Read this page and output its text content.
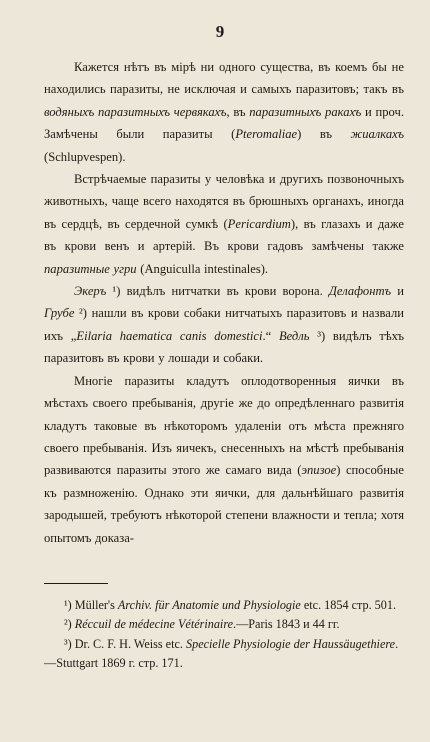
9

Кажется нѣтъ въ мірѣ ни одного существа, въ коемъ бы не находились паразиты, не исключая и самыхъ паразитовъ; такъ въ водяныхъ паразитныхъ червякахъ, въ паразитныхъ ракахъ и проч. Замѣчены были паразиты (Pteromaliae) въ жиалкахъ (Schlupvespen).

Встрѣчаемые паразиты у человѣка и другихъ позвоночныхъ животныхъ, чаще всего находятся въ брюшныхъ органахъ, иногда въ сердцѣ, въ сердечной сумкѣ (Pericardium), въ глазахъ и даже въ крови венъ и артерій. Въ крови гадовъ замѣчены также паразитные угри (Anguicullа intestinales).

Экеръ ¹) видѣлъ нитчатки въ крови ворона. Делафонтъ и Грубе ²) нашли въ крови собаки нитчатыхъ паразитовъ и назвали ихъ „Eilaria haematica canis domestici.“ Ведль ³) видѣлъ тѣхъ паразитовъ въ крови у лошади и собаки.

Многіе паразиты кладутъ оплодотворенныя яички въ мѣстахъ своего пребыванія, другіе же до опредѣленнаго развитія кладутъ таковые въ нѣкоторомъ удаленіи отъ мѣста прежняго своего пребыванія. Изъ яичекъ, снесенныхъ на мѣстѣ пребыванія развиваются паразиты этого же самаго вида (эпизое) способные къ размноженію. Однако эти яички, для дальнѣйшаго развитія зародышей, требуютъ нѣкоторой степени влажности и тепла; хотя опытомъ доказа-

¹) Müller's Archiv. für Anatomie und Physiologie etc. 1854 стр. 501.

²) Réccuil de médecine Vétérinaire.—Paris 1843 и 44 гг.

³) Dr. C. F. H. Weiss etc. Specielle Physiologie der Haussäugethiere.—Stuttgart 1869 г. стр. 171.
